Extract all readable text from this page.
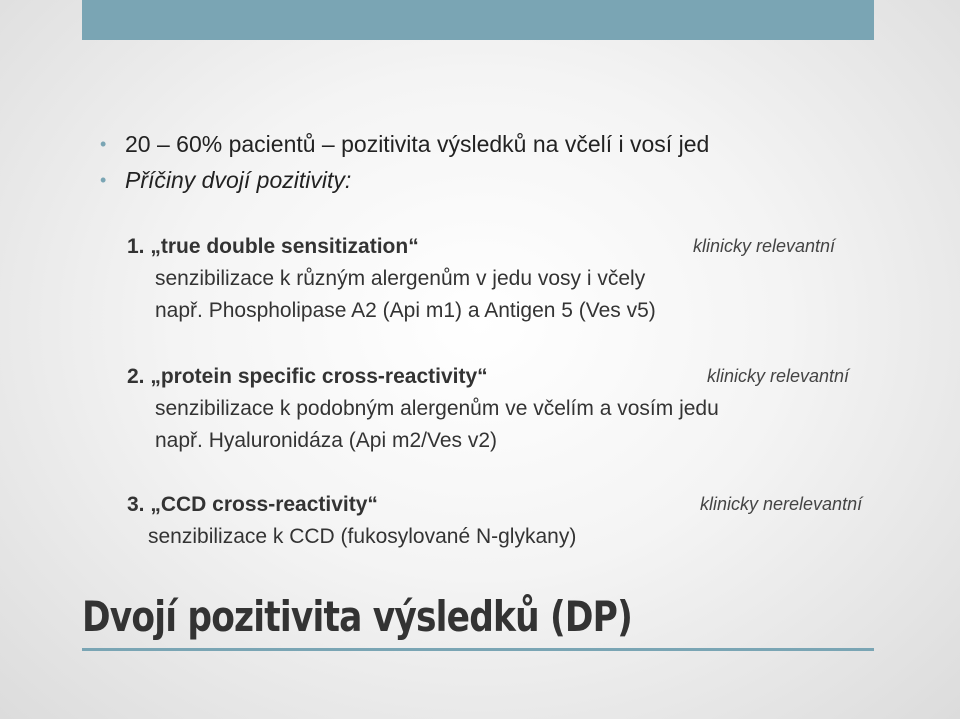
• 20 – 60% pacientů – pozitivita výsledků na včelí i vosí jed
• Příčiny dvojí pozitivity:
1. „true double sensitization“	klinicky relevantní
senzibilizace k různým alergenům v jedu vosy i včely
např. Phospholipase A2 (Api m1) a Antigen 5 (Ves v5)
2. „protein specific cross-reactivity“	klinicky relevantní
senzibilizace k podobným alergenům ve včelím a vosím jedu
např. Hyaluronidáza (Api m2/Ves v2)
3. „CCD cross-reactivity“	klinicky nerelevantní
senzibilizace k CCD (fukosylované N-glykany)
Dvojí pozitivita výsledků (DP)
